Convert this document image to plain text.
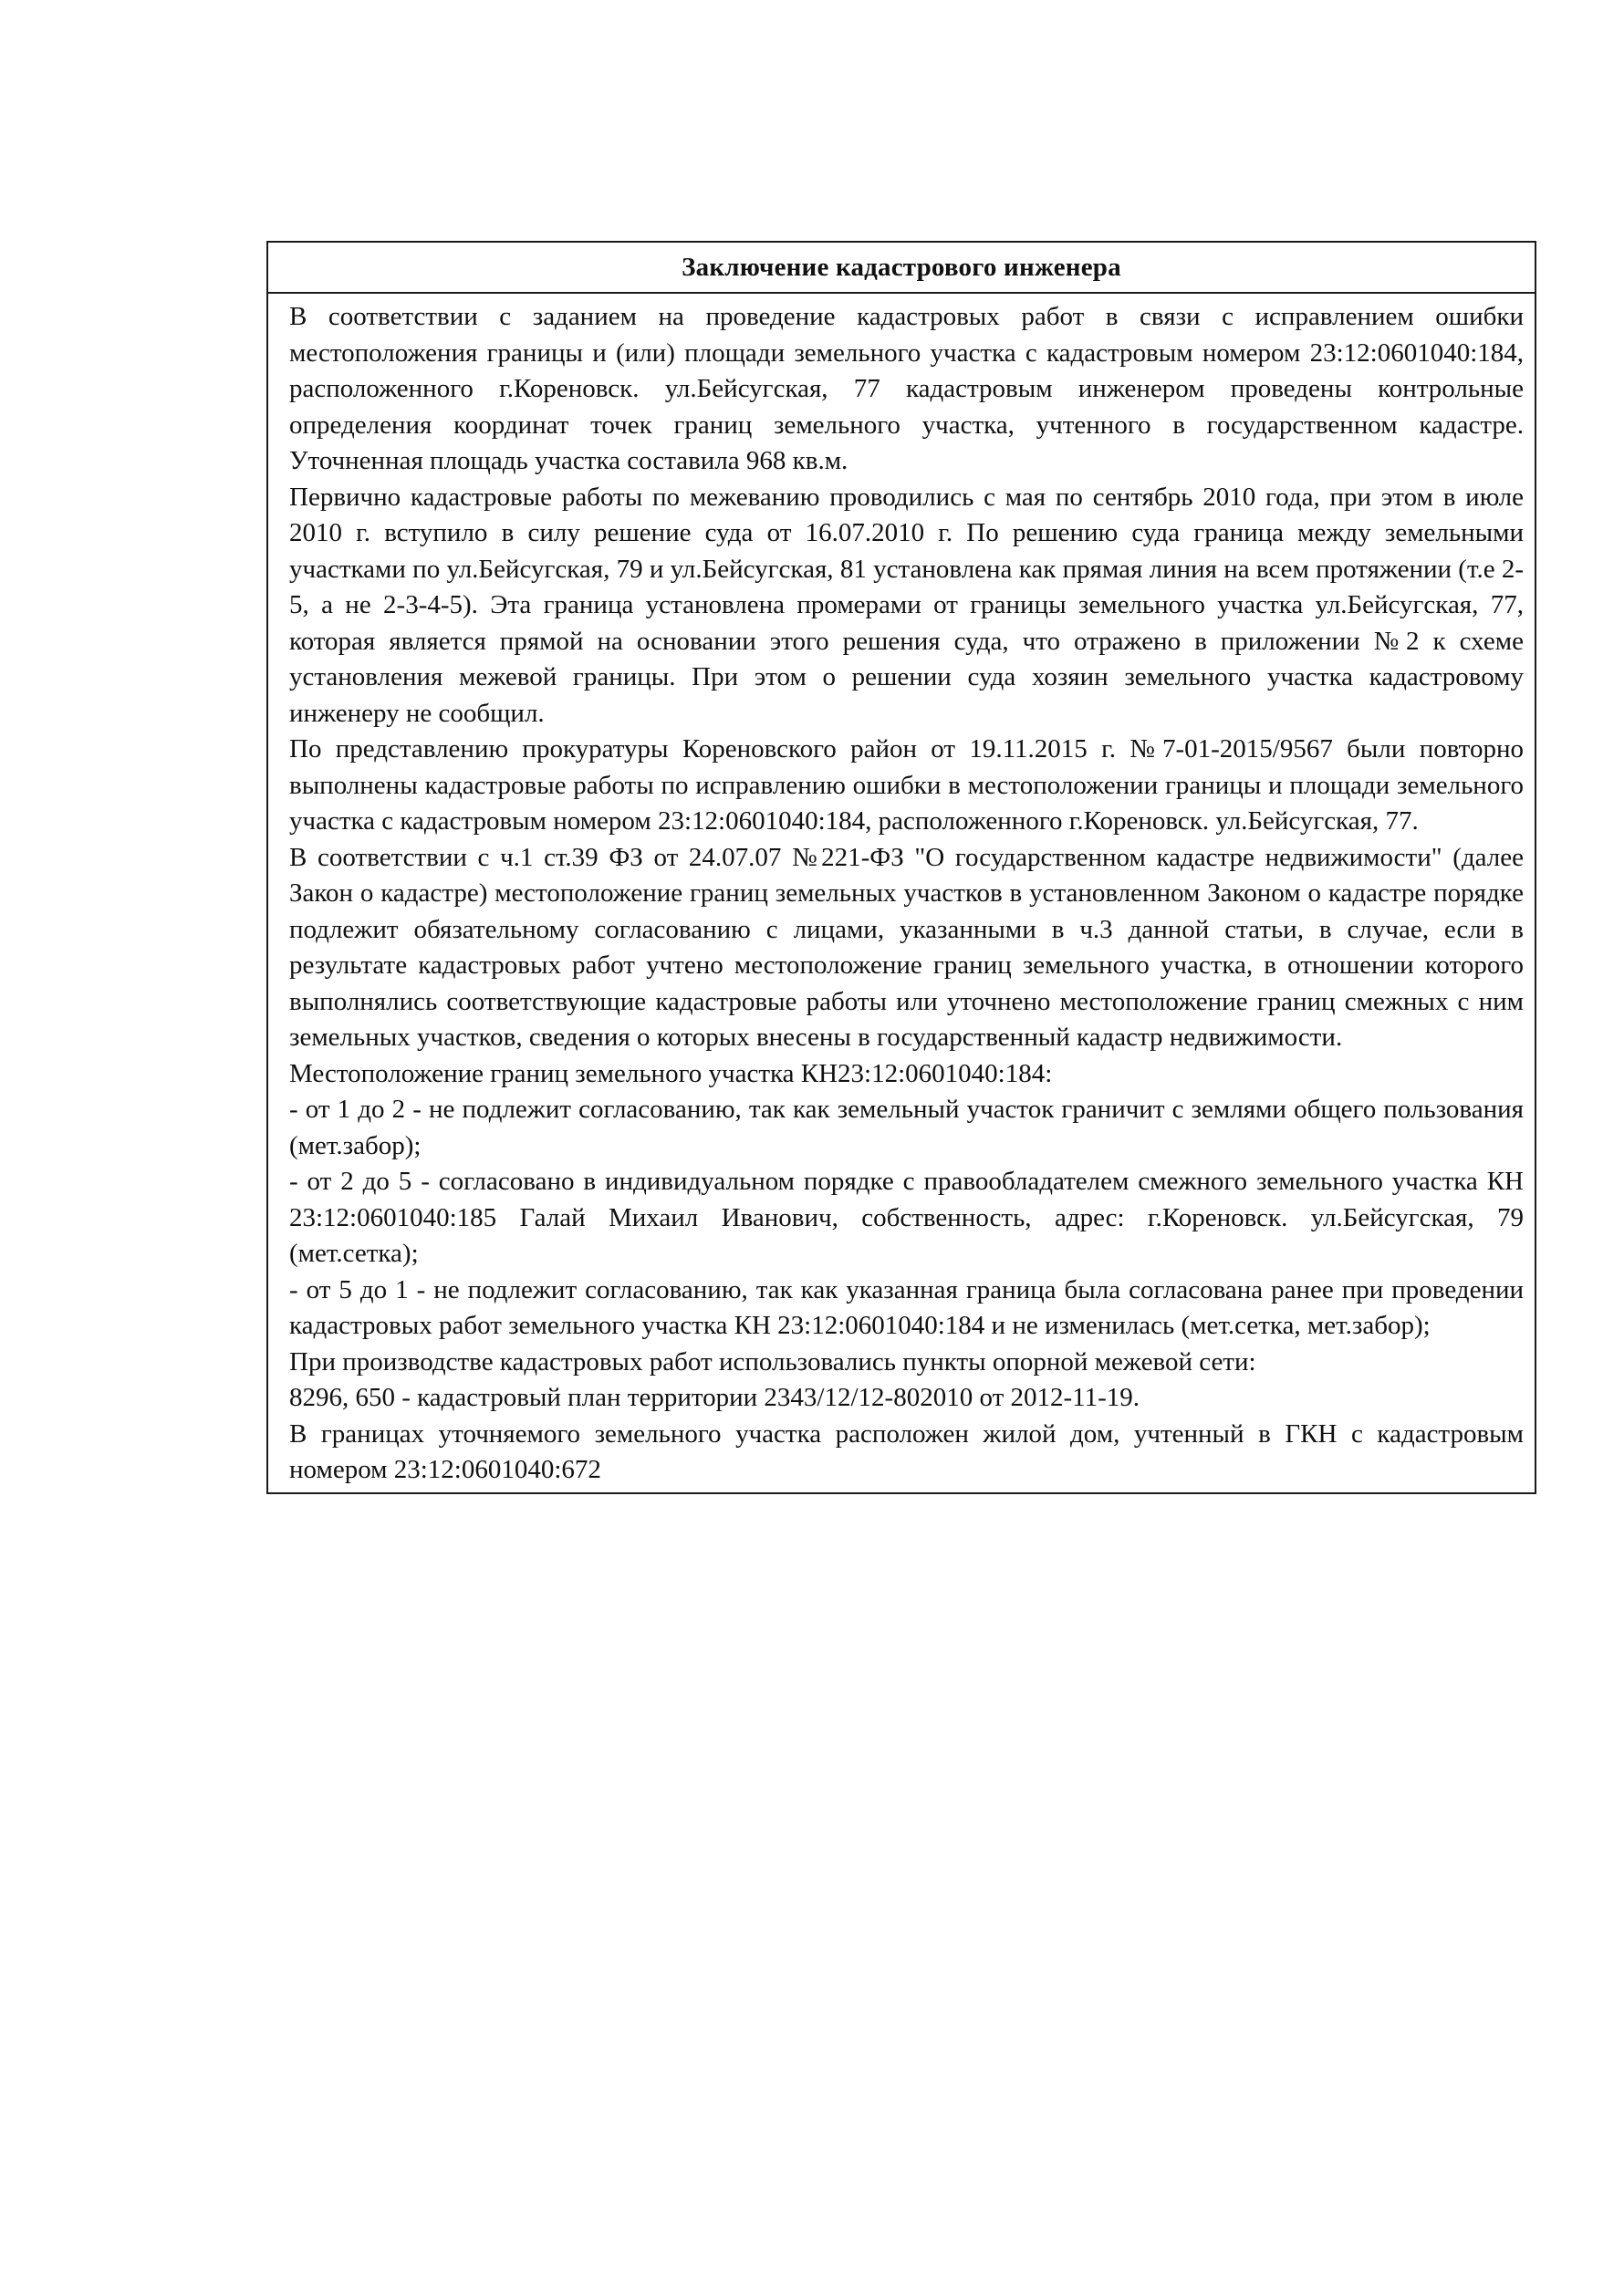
Заключение кадастрового инженера

В соответствии с заданием на проведение кадастровых работ в связи с исправлением ошибки местоположения границы и (или) площади земельного участка с кадастровым номером 23:12:0601040:184, расположенного г.Кореновск. ул.Бейсугская, 77 кадастровым инженером проведены контрольные определения координат точек границ земельного участка, учтенного в государственном кадастре. Уточненная площадь участка составила 968 кв.м.

Первично кадастровые работы по межеванию проводились с мая по сентябрь 2010 года, при этом в июле 2010 г. вступило в силу решение суда от 16.07.2010 г. По решению суда граница между земельными участками по ул.Бейсугская, 79 и ул.Бейсугская, 81 установлена как прямая линия на всем протяжении (т.е 2-5, а не 2-3-4-5). Эта граница установлена промерами от границы земельного участка ул.Бейсугская, 77, которая является прямой на основании этого решения суда, что отражено в приложении №2 к схеме установления межевой границы. При этом о решении суда хозяин земельного участка кадастровому инженеру не сообщил.

По представлению прокуратуры Кореновского район от 19.11.2015 г. №7-01-2015/9567 были повторно выполнены кадастровые работы по исправлению ошибки в местоположении границы и площади земельного участка с кадастровым номером 23:12:0601040:184, расположенного г.Кореновск. ул.Бейсугская, 77.

В соответствии с ч.1 ст.39 ФЗ от 24.07.07 №221-ФЗ "О государственном кадастре недвижимости" (далее Закон о кадастре) местоположение границ земельных участков в установленном Законом о кадастре порядке подлежит обязательному согласованию с лицами, указанными в ч.3 данной статьи, в случае, если в результате кадастровых работ учтено местоположение границ земельного участка, в отношении которого выполнялись соответствующие кадастровые работы или уточнено местоположение границ смежных с ним земельных участков, сведения о которых внесены в государственный кадастр недвижимости.

Местоположение границ земельного участка КН23:12:0601040:184:

- от 1 до 2 - не подлежит согласованию, так как земельный участок граничит с землями общего пользования (мет.забор);

- от 2 до 5 - согласовано в индивидуальном порядке с правообладателем смежного земельного участка КН 23:12:0601040:185 Галай Михаил Иванович, собственность, адрес: г.Кореновск. ул.Бейсугская, 79 (мет.сетка);

- от 5 до 1 - не подлежит согласованию, так как указанная граница была согласована ранее при проведении кадастровых работ земельного участка КН 23:12:0601040:184 и не изменилась (мет.сетка, мет.забор);

При производстве кадастровых работ использовались пункты опорной межевой сети:

8296, 650 - кадастровый план территории 2343/12/12-802010 от 2012-11-19.

В границах уточняемого земельного участка расположен жилой дом, учтенный в ГКН с кадастровым номером 23:12:0601040:672
